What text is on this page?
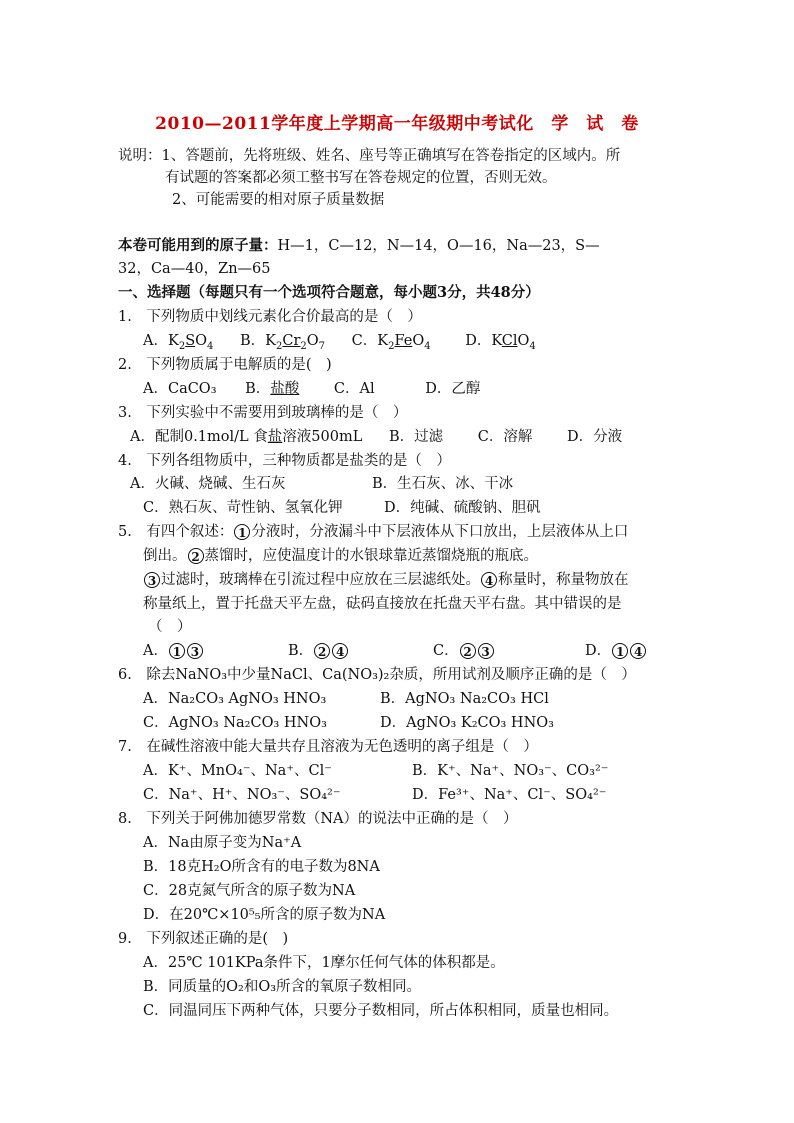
2010—2011学年度上学期高一年级期中考试化　学　试　卷
说明：1、答题前，先将班级、姓名、座号等正确填写在答卷指定的区域内。所
有试题的答案都必须工整书写在答卷规定的位置，否则无效。
2、可能需要的相对原子质量数据
本卷可能用到的原子量：H—1，C—12，N—14，O—16，Na—23，S—
32，Ca—40，Zn—65
一、选择题（每题只有一个选项符合题意，每小题3分，共48分）
1.　下列物质中划线元素化合价最高的是（　）
A．$K_2SO_4$ B．$K_2Cr_2O_7$ C．$K_2FeO_4$ D．KClO$_4$
2.　下列物质属于电解质的是(　)
A．CaCO₃ B．盐酸 C．Al	D．乙醇
3.　下列实验中不需要用到玻璃棒的是（　）
A．配制0.1mol/L 食盐溶液500mL B．过滤 C．溶解 D．分液
4.　下列各组物质中，三种物质都是盐类的是（　）
A．火碱、烧碱、生石灰	B．生石灰、冰、干冰
C．熟石灰、苛性钠、氢氧化钾	D．纯碱、硫酸钠、胆矾
5.　有四个叙述： 1 分液时，分液漏斗中下层液体从下口放出，上层液体从上口
倒出。 2 蒸馏时，应使温度计的水银球靠近蒸馏烧瓶的瓶底。
3 过滤时，玻璃棒在引流过程中应放在三层滤纸处。 4 称量时，称量物放在
称量纸上，置于托盘天平左盘，砝码直接放在托盘天平右盘。其中错误的是
（　）
A． 1 3	B． 2 4	C． 2 3	D． 1 4
6.　除去NaNO₃中少量NaCl、Ca(NO₃)₂杂质，所用试剂及顺序正确的是（　）
A．Na₂CO₃ AgNO₃ HNO₃	B．AgNO₃ Na₂CO₃ HCl
C．AgNO₃ Na₂CO₃ HNO₃	D．AgNO₃ K₂CO₃ HNO₃
7.　在碱性溶液中能大量共存且溶液为无色透明的离子组是（　）
A．K⁺、MnO₄⁻、Na⁺、Cl⁻	B．K⁺、Na⁺、NO₃⁻、CO₃²⁻
C．Na⁺、H⁺、NO₃⁻、SO₄²⁻	D．Fe³⁺、Na⁺、Cl⁻、SO₄²⁻
8.　下列关于阿佛加德罗常数（NA）的说法中正确的是（　）
A．Na由原子变为Na⁺A
B．18克H₂O所含有的电子数为8NA
C．28克氮气所含的原子数为NA
D．在20℃×10⁵₅所含的原子数为NA
9.　下列叙述正确的是(　)
A．25℃ 101KPa条件下，1摩尔任何气体的体积都是。
B．同质量的O₂和O₃所含的氧原子数相同。
C．同温同压下两种气体，只要分子数相同，所占体积相同，质量也相同。
